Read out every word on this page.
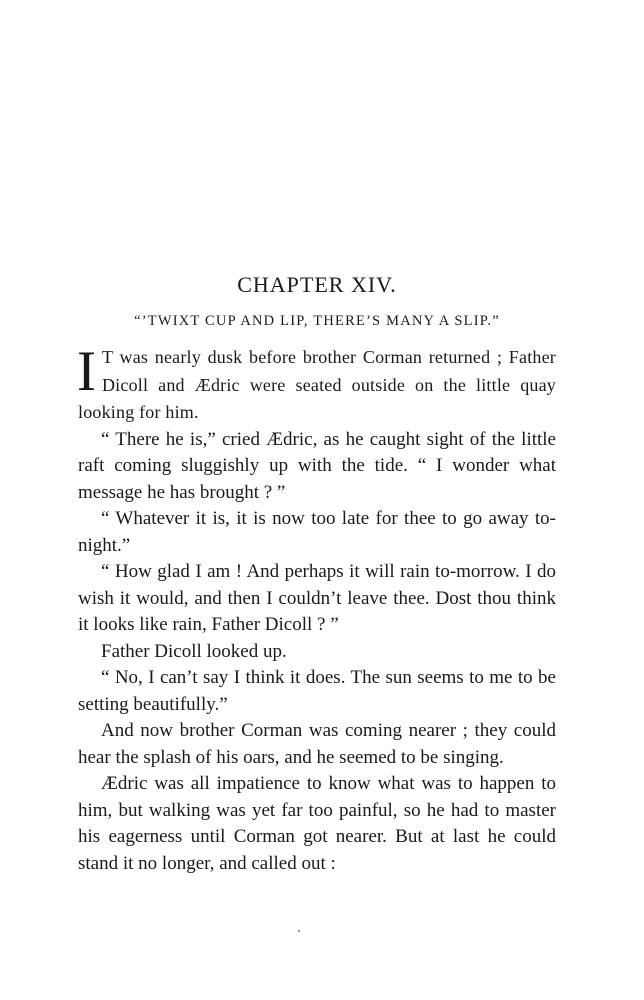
CHAPTER XIV.
“’TWIXT CUP AND LIP, THERE’S MANY A SLIP.”

I T was nearly dusk before brother Corman returned ; Father Dicoll and Ædric were seated outside on the little quay looking for him.

“ There he is,” cried Ædric, as he caught sight of the little raft coming sluggishly up with the tide. “ I wonder what message he has brought ? ”

“ Whatever it is, it is now too late for thee to go away to-night.”

“ How glad I am ! And perhaps it will rain to-morrow. I do wish it would, and then I couldn’t leave thee. Dost thou think it looks like rain, Father Dicoll ? ”

Father Dicoll looked up.

“ No, I can’t say I think it does. The sun seems to me to be setting beautifully.”

And now brother Corman was coming nearer ; they could hear the splash of his oars, and he seemed to be singing.

Ædric was all impatience to know what was to happen to him, but walking was yet far too painful, so he had to master his eagerness until Corman got nearer. But at last he could stand it no longer, and called out :
